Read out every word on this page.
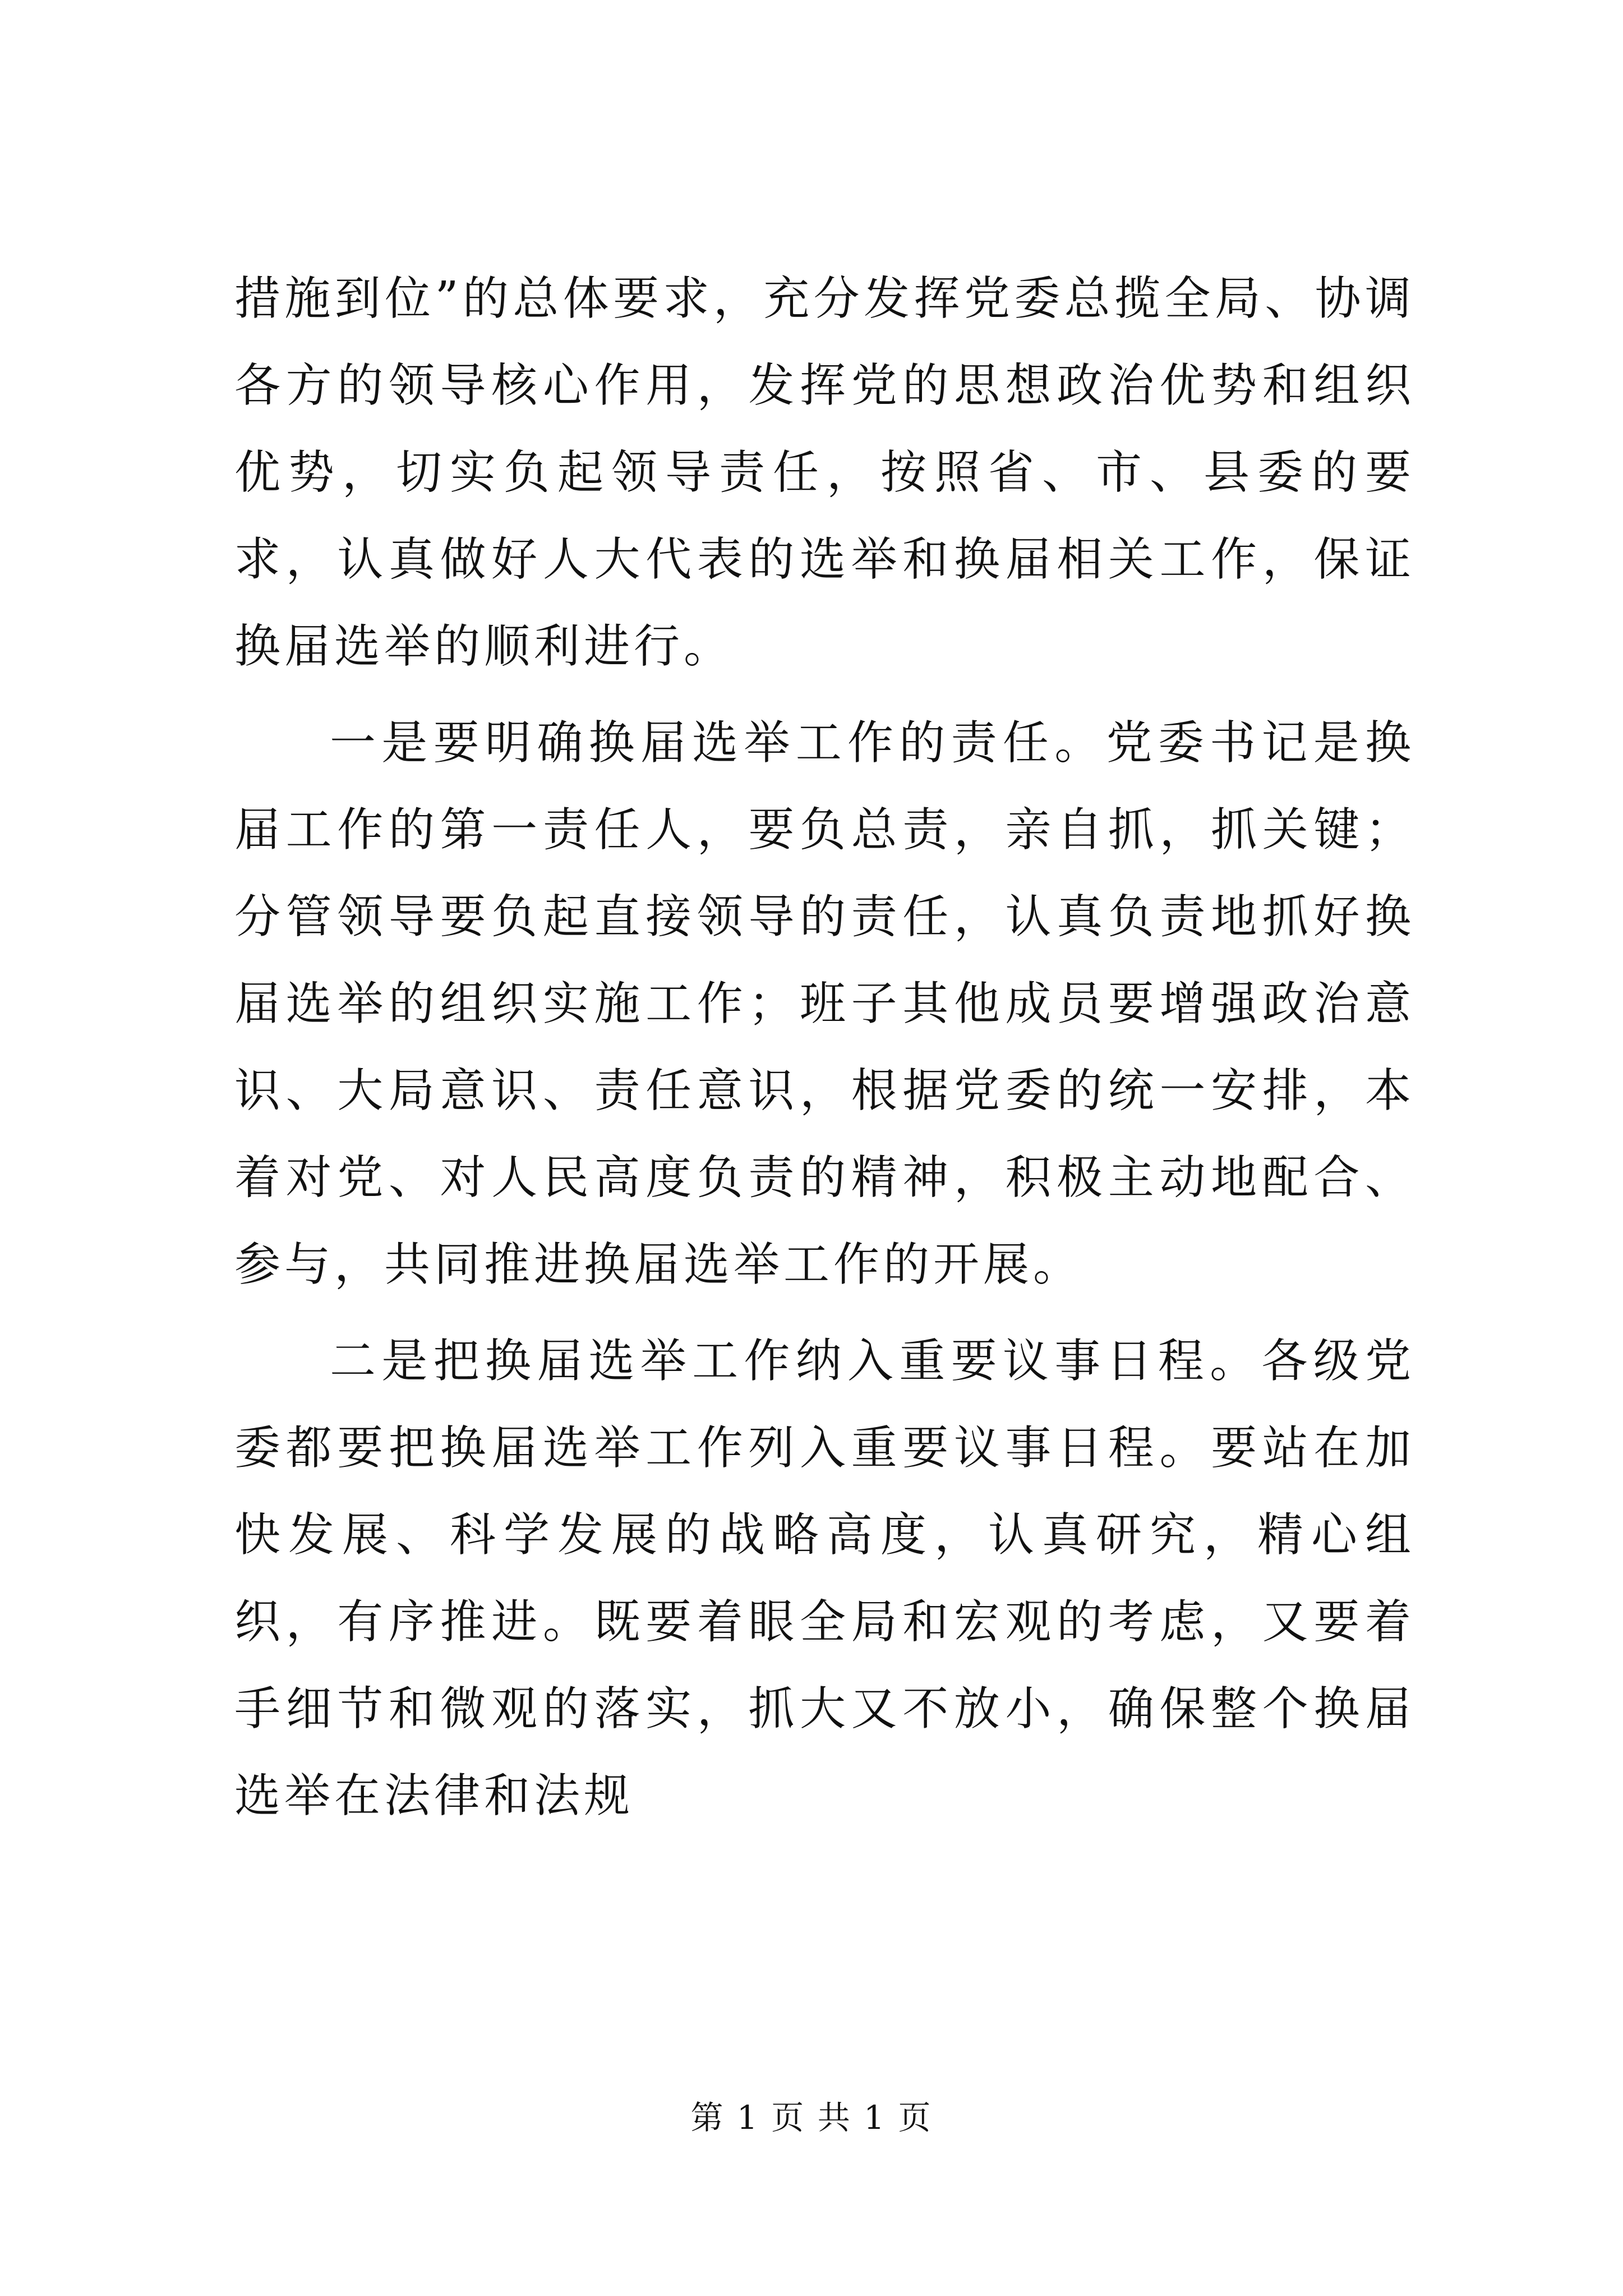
措施到位”的总体要求，充分发挥党委总揽全局、协调各方的领导核心作用，发挥党的思想政治优势和组织优势，切实负起领导责任，按照省、市、县委的要求，认真做好人大代表的选举和换届相关工作，保证换届选举的顺利进行。

一是要明确换届选举工作的责任。党委书记是换届工作的第一责任人，要负总责，亲自抓，抓关键；分管领导要负起直接领导的责任，认真负责地抓好换届选举的组织实施工作；班子其他成员要增强政治意识、大局意识、责任意识，根据党委的统一安排，本着对党、对人民高度负责的精神，积极主动地配合、参与，共同推进换届选举工作的开展。

二是把换届选举工作纳入重要议事日程。各级党委都要把换届选举工作列入重要议事日程。要站在加快发展、科学发展的战略高度，认真研究，精心组织，有序推进。既要着眼全局和宏观的考虑，又要着手细节和微观的落实，抓大又不放小，确保整个换届选举在法律和法规

第 1 页 共 1 页
